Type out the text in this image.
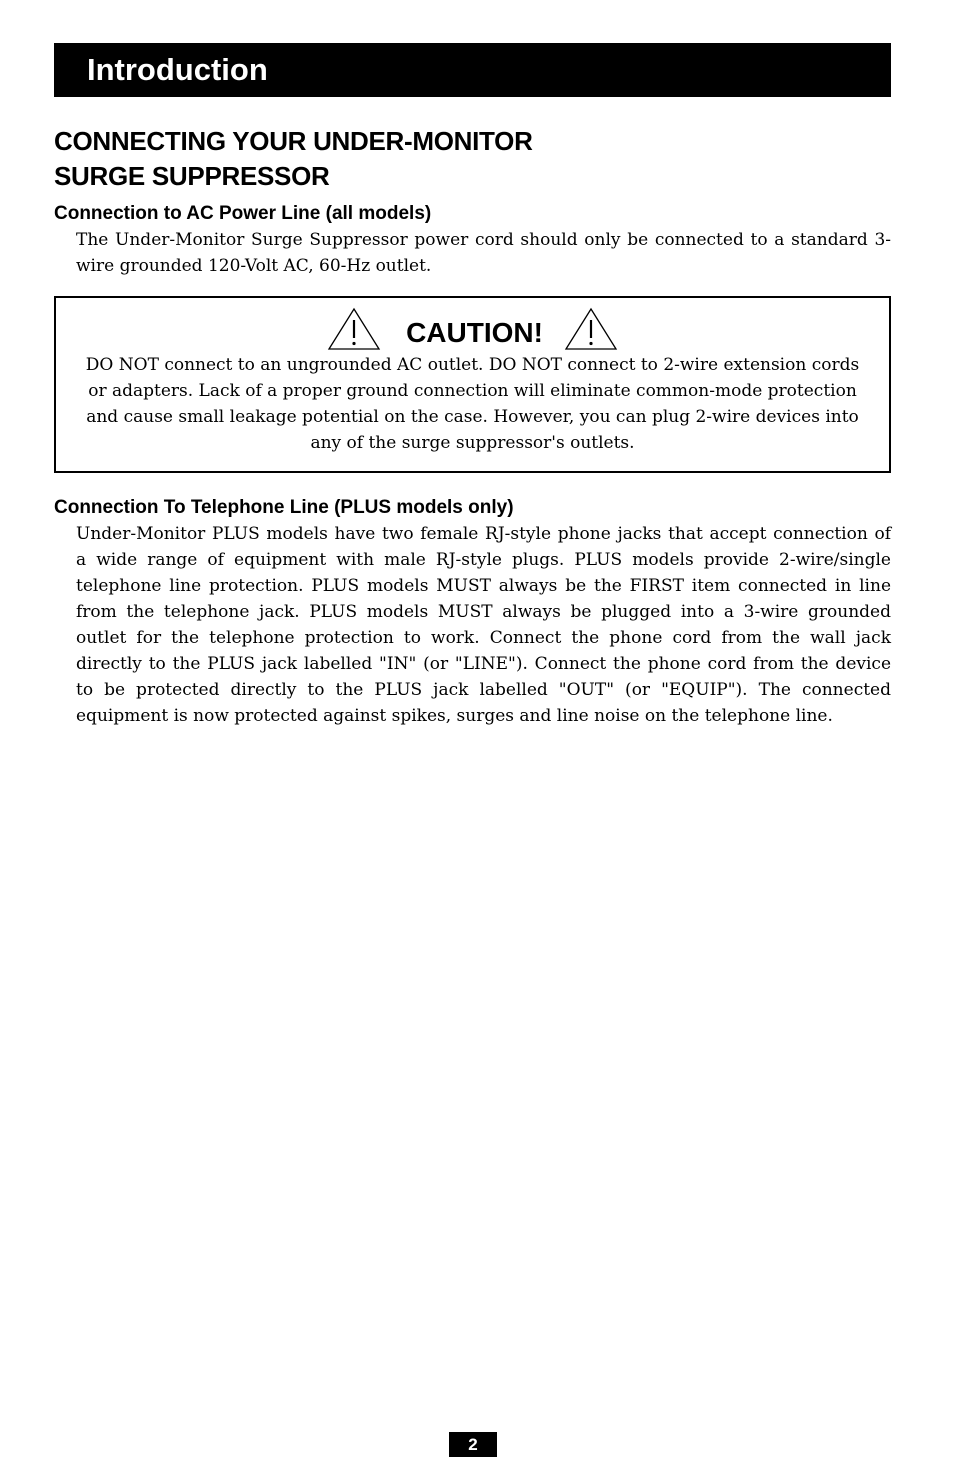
Introduction
CONNECTING YOUR UNDER-MONITOR
SURGE SUPPRESSOR
Connection to AC Power Line (all models)

The Under-Monitor Surge Suppressor power cord should only be connected to a standard 3-wire grounded 120-Volt AC, 60-Hz outlet.

CAUTION!

DO NOT connect to an ungrounded AC outlet. DO NOT connect to 2-wire extension cords or adapters. Lack of a proper ground connection will eliminate common-mode protection and cause small leakage potential on the case. However, you can plug 2-wire devices into any of the surge suppressor's outlets.

Connection To Telephone Line (PLUS models only)

Under-Monitor PLUS models have two female RJ-style phone jacks that accept connection of a wide range of equipment with male RJ-style plugs. PLUS models provide 2-wire/single telephone line protection. PLUS models MUST always be the FIRST item connected in line from the telephone jack. PLUS models MUST always be plugged into a 3-wire grounded outlet for the telephone protection to work. Connect the phone cord from the wall jack directly to the PLUS jack labelled "IN" (or "LINE"). Connect the phone cord from the device to be protected directly to the PLUS jack labelled "OUT" (or "EQUIP"). The connected equipment is now protected against spikes, surges and line noise on the telephone line.

2
